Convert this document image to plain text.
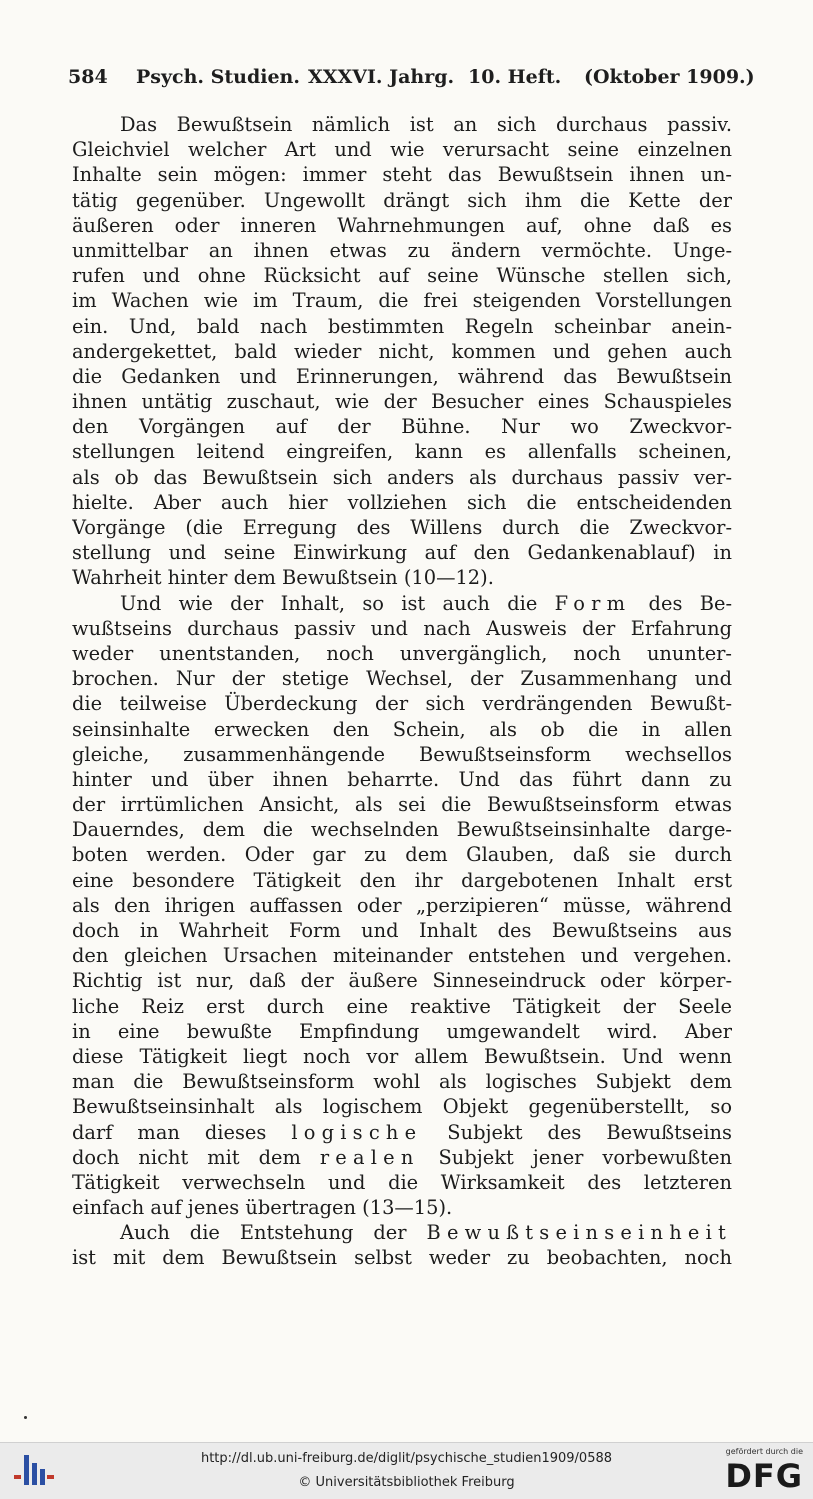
584 Psych. Studien. XXXVI. Jahrg. 10. Heft. (Oktober 1909.)
Das Bewußtsein nämlich ist an sich durchaus passiv.
Gleichviel welcher Art und wie verursacht seine einzelnen
Inhalte sein mögen: immer steht das Bewußtsein ihnen un-
tätig gegenüber. Ungewollt drängt sich ihm die Kette der
äußeren oder inneren Wahrnehmungen auf, ohne daß es
unmittelbar an ihnen etwas zu ändern vermöchte. Unge-
rufen und ohne Rücksicht auf seine Wünsche stellen sich,
im Wachen wie im Traum, die frei steigenden Vorstellungen
ein. Und, bald nach bestimmten Regeln scheinbar anein-
andergekettet, bald wieder nicht, kommen und gehen auch
die Gedanken und Erinnerungen, während das Bewußtsein
ihnen untätig zuschaut, wie der Besucher eines Schauspieles
den Vorgängen auf der Bühne. Nur wo Zweckvor-
stellungen leitend eingreifen, kann es allenfalls scheinen,
als ob das Bewußtsein sich anders als durchaus passiv ver-
hielte. Aber auch hier vollziehen sich die entscheidenden
Vorgänge (die Erregung des Willens durch die Zweckvor-
stellung und seine Einwirkung auf den Gedankenablauf) in
Wahrheit hinter dem Bewußtsein (10—12).
Und wie der Inhalt, so ist auch die Form des Be-
wußtseins durchaus passiv und nach Ausweis der Erfahrung
weder unentstanden, noch unvergänglich, noch ununter-
brochen. Nur der stetige Wechsel, der Zusammenhang und
die teilweise Überdeckung der sich verdrängenden Bewußt-
seinsinhalte erwecken den Schein, als ob die in allen
gleiche, zusammenhängende Bewußtseinsform wechsellos
hinter und über ihnen beharrte. Und das führt dann zu
der irrtümlichen Ansicht, als sei die Bewußtseinsform etwas
Dauerndes, dem die wechselnden Bewußtseinsinhalte darge-
boten werden. Oder gar zu dem Glauben, daß sie durch
eine besondere Tätigkeit den ihr dargebotenen Inhalt erst
als den ihrigen auffassen oder „perzipieren“ müsse, während
doch in Wahrheit Form und Inhalt des Bewußtseins aus
den gleichen Ursachen miteinander entstehen und vergehen.
Richtig ist nur, daß der äußere Sinneseindruck oder körper-
liche Reiz erst durch eine reaktive Tätigkeit der Seele
in eine bewußte Empfindung umgewandelt wird. Aber
diese Tätigkeit liegt noch vor allem Bewußtsein. Und wenn
man die Bewußtseinsform wohl als logisches Subjekt dem
Bewußtseinsinhalt als logischem Objekt gegenüberstellt, so
darf man dieses logische Subjekt des Bewußtseins
doch nicht mit dem realen Subjekt jener vorbewußten
Tätigkeit verwechseln und die Wirksamkeit des letzteren
einfach auf jenes übertragen (13—15).
Auch die Entstehung der Bewußtseinseinheit
ist mit dem Bewußtsein selbst weder zu beobachten, noch
http://dl.ub.uni-freiburg.de/diglit/psychische_studien1909/0588
© Universitätsbibliothek Freiburg
gefördert durch die
DFG
